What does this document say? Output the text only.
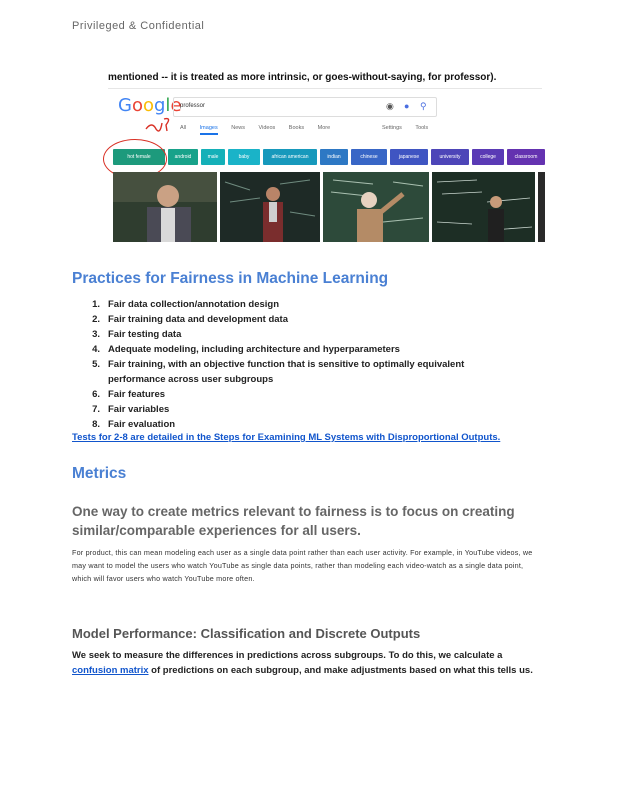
Privileged & Confidential
mentioned -- it is treated as more intrinsic, or goes-without-saying, for professor).
Google
professor	◉ ● ⚲
All Images News Videos Books More	Settings Tools
hot female	android	male	baby	african american	indian	chinese	japanese	university	college	classroom
Practices for Fairness in Machine Learning
1. Fair data collection/annotation design
2. Fair training data and development data
3. Fair testing data
4. Adequate modeling, including architecture and hyperparameters
5. Fair training, with an objective function that is sensitive to optimally equivalent performance across user subgroups
6. Fair features
7. Fair variables
8. Fair evaluation
Tests for 2-8 are detailed in the Steps for Examining ML Systems with Disproportional Outputs.
Metrics
One way to create metrics relevant to fairness is to focus on creating similar/comparable experiences for all users.
For product, this can mean modeling each user as a single data point rather than each user activity. For example, in YouTube videos, we may want to model the users who watch YouTube as single data points, rather than modeling each video-watch as a single data point, which will favor users who watch YouTube more often.
Model Performance: Classification and Discrete Outputs
We seek to measure the differences in predictions across subgroups. To do this, we calculate a confusion matrix of predictions on each subgroup, and make adjustments based on what this tells us.
